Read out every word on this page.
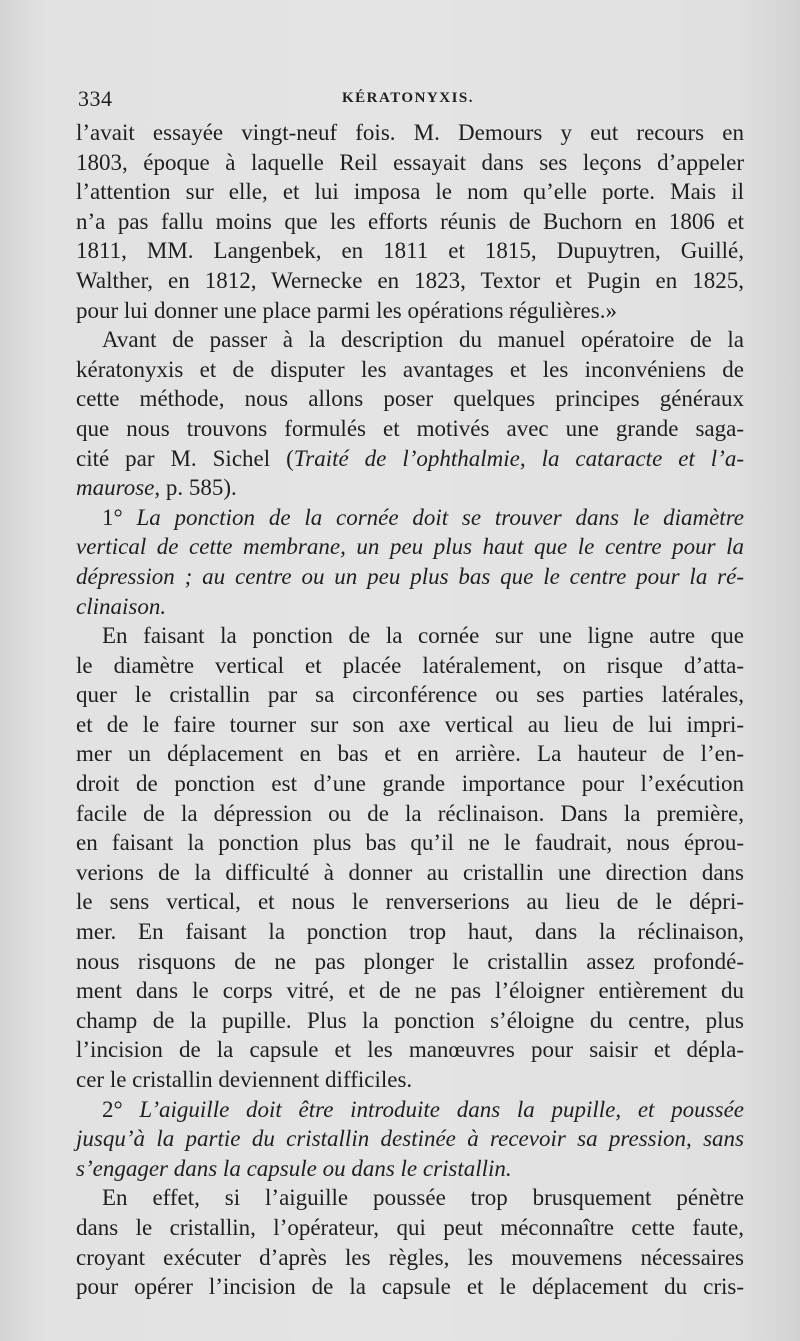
334	KÉRATONYXIS.
l’avait essayée vingt-neuf fois. M. Demours y eut recours en
1803, époque à laquelle Reil essayait dans ses leçons d’appeler
l’attention sur elle, et lui imposa le nom qu’elle porte. Mais il
n’a pas fallu moins que les efforts réunis de Buchorn en 1806 et
1811, MM. Langenbek, en 1811 et 1815, Dupuytren, Guillé,
Walther, en 1812, Wernecke en 1823, Textor et Pugin en 1825,
pour lui donner une place parmi les opérations régulières.»
Avant de passer à la description du manuel opératoire de la
kératonyxis et de disputer les avantages et les inconvéniens de
cette méthode, nous allons poser quelques principes généraux
que nous trouvons formulés et motivés avec une grande saga-
cité par M. Sichel (Traité de l’ophthalmie, la cataracte et l’a-
maurose, p. 585).
1° La ponction de la cornée doit se trouver dans le diamètre
vertical de cette membrane, un peu plus haut que le centre pour la
dépression ; au centre ou un peu plus bas que le centre pour la ré-
clinaison.
En faisant la ponction de la cornée sur une ligne autre que
le diamètre vertical et placée latéralement, on risque d’atta-
quer le cristallin par sa circonférence ou ses parties latérales,
et de le faire tourner sur son axe vertical au lieu de lui impri-
mer un déplacement en bas et en arrière. La hauteur de l’en-
droit de ponction est d’une grande importance pour l’exécution
facile de la dépression ou de la réclinaison. Dans la première,
en faisant la ponction plus bas qu’il ne le faudrait, nous éprou-
verions de la difficulté à donner au cristallin une direction dans
le sens vertical, et nous le renverserions au lieu de le dépri-
mer. En faisant la ponction trop haut, dans la réclinaison,
nous risquons de ne pas plonger le cristallin assez profondé-
ment dans le corps vitré, et de ne pas l’éloigner entièrement du
champ de la pupille. Plus la ponction s’éloigne du centre, plus
l’incision de la capsule et les manœuvres pour saisir et dépla-
cer le cristallin deviennent difficiles.
2° L’aiguille doit être introduite dans la pupille, et poussée
jusqu’à la partie du cristallin destinée à recevoir sa pression, sans
s’engager dans la capsule ou dans le cristallin.
En effet, si l’aiguille poussée trop brusquement pénètre
dans le cristallin, l’opérateur, qui peut méconnaître cette faute,
croyant exécuter d’après les règles, les mouvemens nécessaires
pour opérer l’incision de la capsule et le déplacement du cris-
